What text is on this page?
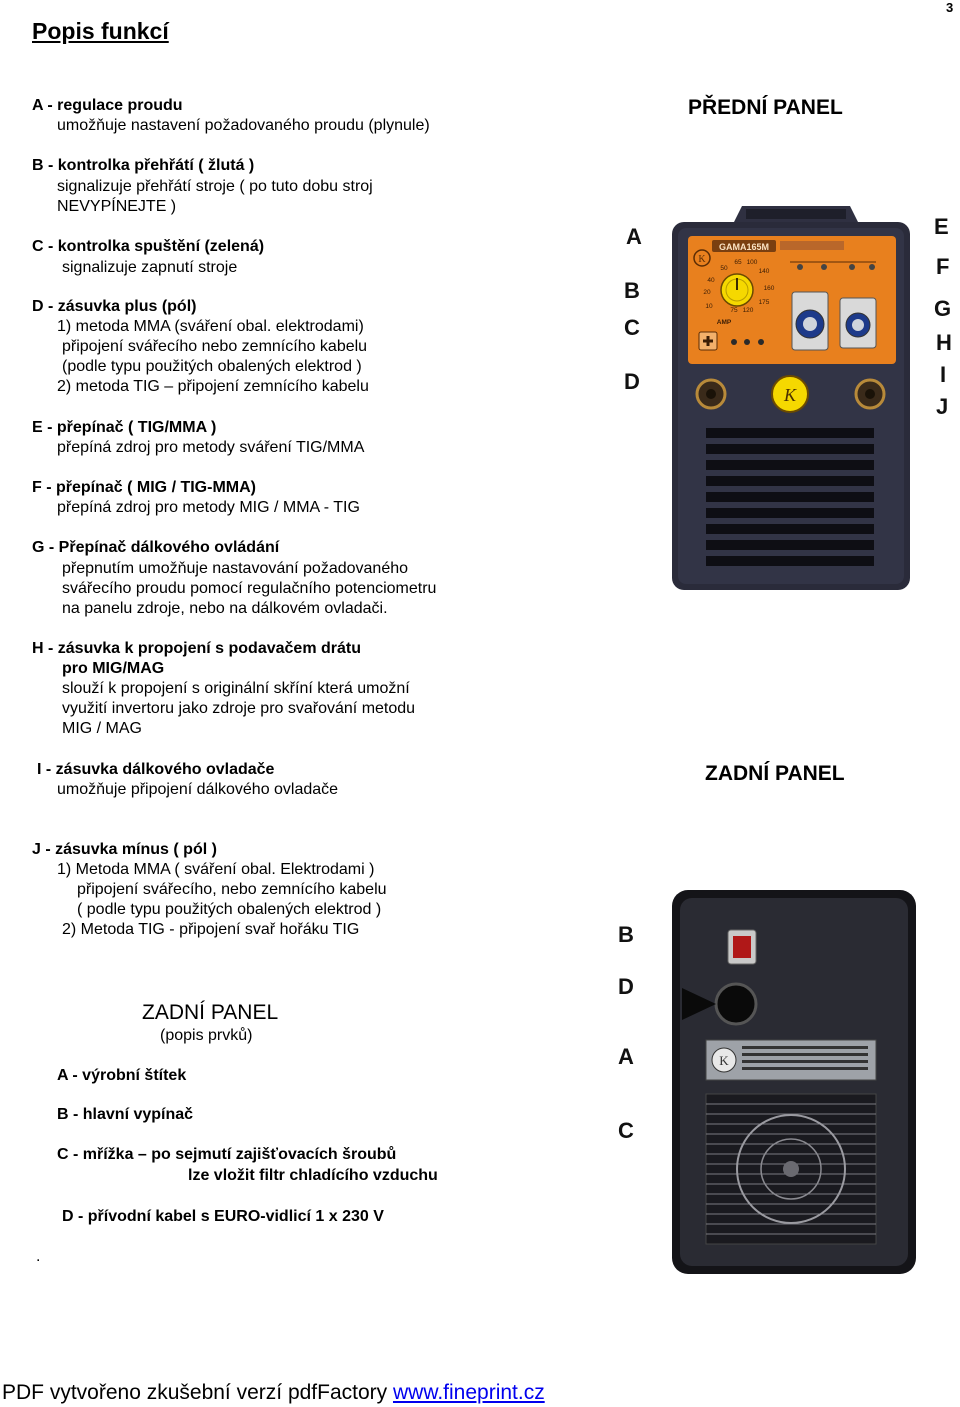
3
Popis funkcí
A - regulace proudu
umožňuje nastavení požadovaného proudu (plynule)
B - kontrolka přehřátí ( žlutá )
signalizuje přehřátí stroje ( po tuto dobu stroj
NEVYPÍNEJTE )
C - kontrolka spuštění (zelená)
signalizuje zapnutí stroje
D - zásuvka plus (pól)
1) metoda MMA (sváření obal. elektrodami)
připojení svářecího nebo zemnícího kabelu
(podle typu použitých obalených elektrod )
2) metoda TIG – připojení zemnícího kabelu
E - přepínač ( TIG/MMA )
přepíná zdroj pro metody sváření TIG/MMA
F - přepínač ( MIG / TIG-MMA)
přepíná zdroj pro metody MIG / MMA - TIG
G - Přepínač dálkového ovládání
přepnutím umožňuje nastavování požadovaného
svářecího proudu pomocí regulačního potenciometru
na panelu zdroje, nebo na dálkovém ovladači.
H - zásuvka k propojení s podavačem drátu
pro MIG/MAG
slouží k propojení s originální skříní která umožní
využití invertoru jako zdroje pro svařování metodu
MIG / MAG
I - zásuvka dálkového ovladače
umožňuje připojení dálkového ovladače
J - zásuvka mínus ( pól )
1) Metoda MMA ( sváření obal. Elektrodami )
připojení svářecího, nebo zemnícího kabelu
( podle typu použitých obalených elektrod )
2) Metoda TIG - připojení svař hořáku TIG
ZADNÍ PANEL
(popis prvků)
A - výrobní štítek
B - hlavní vypínač
C - mřížka – po sejmutí zajišťovacích šroubů
lze vložit filtr chladícího vzduchu
D - přívodní kabel s EURO-vidlicí 1 x 230 V
.
PŘEDNÍ PANEL
ZADNÍ PANEL
GAMA165M
K
50
65 100
140
40
20
160
10
175
75 120
AMP
K
A
B
C
D
E
F
G
H
I
J
K
B
D
A
C
PDF vytvořeno zkušební verzí pdfFactory www.fineprint.cz
